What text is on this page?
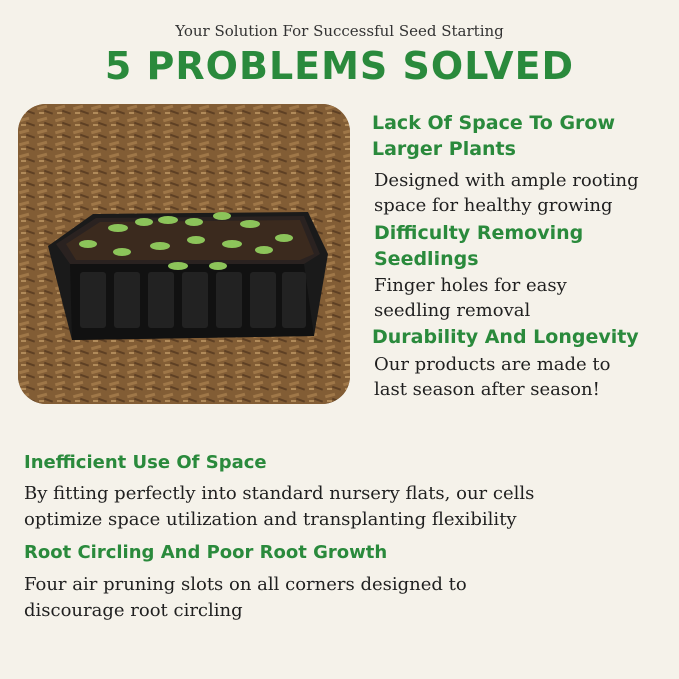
Your Solution For Successful Seed Starting
5 PROBLEMS SOLVED
Lack Of Space To Grow
Larger Plants
Designed with ample rooting
space for healthy growing
Difficulty Removing
Seedlings
Finger holes for easy
seedling removal
Durability And Longevity
Our products are made to
last season after season!
Inefficient Use Of Space
By fitting perfectly into standard nursery flats, our cells
optimize space utilization and transplanting flexibility
Root Circling And Poor Root Growth
Four air pruning slots on all corners designed to
discourage root circling
